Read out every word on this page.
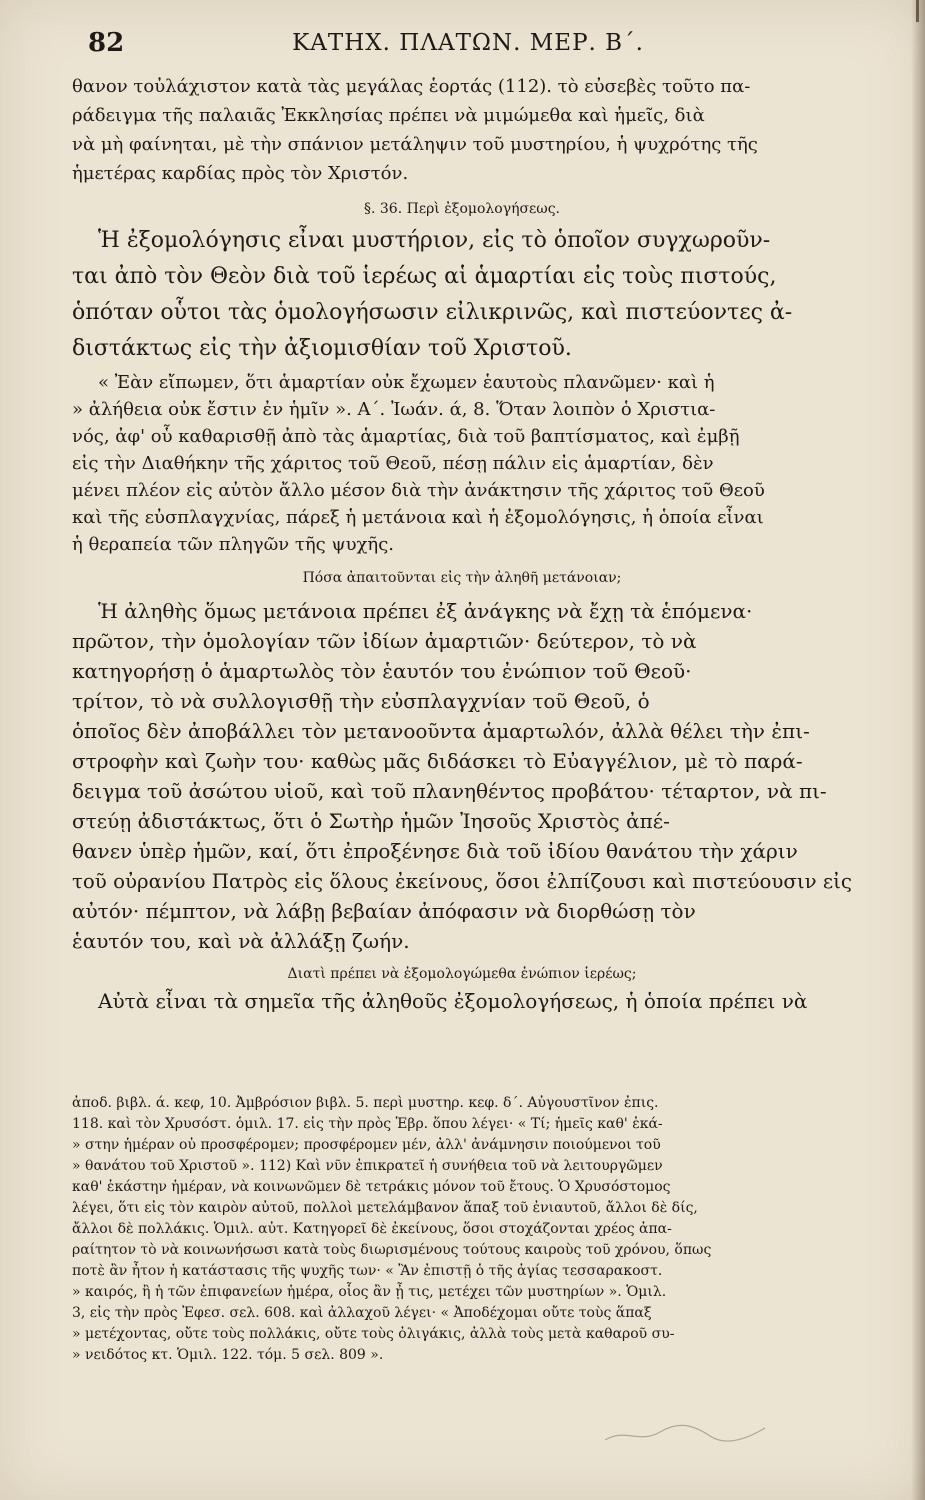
82	ΚΑΤΗΧ. ΠΛΑΤΩΝ. ΜΕΡ. Β΄.
θανον τοὐλάχιστον κατὰ τὰς μεγάλας ἑορτάς (112). τὸ εὐσεβὲς τοῦτο πα-
ράδειγμα τῆς παλαιᾶς Ἐκκλησίας πρέπει νὰ μιμώμεθα καὶ ἡμεῖς, διὰ
νὰ μὴ φαίνηται, μὲ τὴν σπάνιον μετάληψιν τοῦ μυστηρίου, ἡ ψυχρότης τῆς
ἡμετέρας καρδίας πρὸς τὸν Χριστόν.
§. 36. Περὶ ἐξομολογήσεως.
Ἡ ἐξομολόγησις εἶναι μυστήριον, εἰς τὸ ὁποῖον συγχωροῦν-
ται ἀπὸ τὸν Θεὸν διὰ τοῦ ἱερέως αἱ ἁμαρτίαι εἰς τοὺς πιστούς,
ὁπόταν οὗτοι τὰς ὁμολογήσωσιν εἰλικρινῶς, καὶ πιστεύοντες ἀ-
διστάκτως εἰς τὴν ἀξιομισθίαν τοῦ Χριστοῦ.
« Ἐὰν εἴπωμεν, ὅτι ἁμαρτίαν οὐκ ἔχωμεν ἑαυτοὺς πλανῶμεν· καὶ ἡ
» ἀλήθεια οὐκ ἔστιν ἐν ἡμῖν ». Α΄. Ἰωάν. ά, 8. Ὅταν λοιπὸν ὁ Χριστια-
νός, ἀφ' οὗ καθαρισθῇ ἀπὸ τὰς ἁμαρτίας, διὰ τοῦ βαπτίσματος, καὶ ἐμβῇ
εἰς τὴν Διαθήκην τῆς χάριτος τοῦ Θεοῦ, πέσῃ πάλιν εἰς ἁμαρτίαν, δὲν
μένει πλέον εἰς αὐτὸν ἄλλο μέσον διὰ τὴν ἀνάκτησιν τῆς χάριτος τοῦ Θεοῦ
καὶ τῆς εὐσπλαγχνίας, πάρεξ ἡ μετάνοια καὶ ἡ ἐξομολόγησις, ἡ ὁποία εἶναι
ἡ θεραπεία τῶν πληγῶν τῆς ψυχῆς.
Πόσα ἀπαιτοῦνται εἰς τὴν ἀληθῆ μετάνοιαν;
Ἡ ἀληθὴς ὅμως μετάνοια πρέπει ἐξ ἀνάγκης νὰ ἔχῃ τὰ ἑπόμενα·
πρῶτον, τὴν ὁμολογίαν τῶν ἰδίων ἁμαρτιῶν· δεύτερον, τὸ νὰ
κατηγορήσῃ ὁ ἁμαρτωλὸς τὸν ἑαυτόν του ἐνώπιον τοῦ Θεοῦ·
τρίτον, τὸ νὰ συλλογισθῇ τὴν εὐσπλαγχνίαν τοῦ Θεοῦ, ὁ
ὁποῖος δὲν ἀποβάλλει τὸν μετανοοῦντα ἁμαρτωλόν, ἀλλὰ θέλει τὴν ἐπι-
στροφὴν καὶ ζωὴν του· καθὼς μᾶς διδάσκει τὸ Εὐαγγέλιον, μὲ τὸ παρά-
δειγμα τοῦ ἀσώτου υἱοῦ, καὶ τοῦ πλανηθέντος προβάτου· τέταρτον, νὰ πι-
στεύῃ ἀδιστάκτως, ὅτι ὁ Σωτὴρ ἡμῶν Ἰησοῦς Χριστὸς ἀπέ-
θανεν ὑπὲρ ἡμῶν, καί, ὅτι ἐπροξένησε διὰ τοῦ ἰδίου θανάτου τὴν χάριν
τοῦ οὐρανίου Πατρὸς εἰς ὅλους ἐκείνους, ὅσοι ἐλπίζουσι καὶ πιστεύουσιν εἰς
αὐτόν· πέμπτον, νὰ λάβῃ βεβαίαν ἀπόφασιν νὰ διορθώσῃ τὸν
ἑαυτόν του, καὶ νὰ ἀλλάξῃ ζωήν.
Διατὶ πρέπει νὰ ἐξομολογώμεθα ἐνώπιον ἱερέως;
Αὐτὰ εἶναι τὰ σημεῖα τῆς ἀληθοῦς ἐξομολογήσεως, ἡ ὁποία πρέπει νὰ
ἀποδ. βιβλ. ά. κεφ, 10. Ἀμβρόσιον βιβλ. 5. περὶ μυστηρ. κεφ. δ΄. Αὐγουστῖνον ἐπις.
118. καὶ τὸν Χρυσόστ. ὁμιλ. 17. εἰς τὴν πρὸς Ἑβρ. ὅπου λέγει· « Τί; ἡμεῖς καθ' ἑκά-
» στην ἡμέραν οὐ προσφέρομεν; προσφέρομεν μέν, ἀλλ' ἀνάμνησιν ποιούμενοι τοῦ
» θανάτου τοῦ Χριστοῦ ». 112) Καὶ νῦν ἐπικρατεῖ ἡ συνήθεια τοῦ νὰ λειτουργῶμεν
καθ' ἑκάστην ἡμέραν, νὰ κοινωνῶμεν δὲ τετράκις μόνον τοῦ ἔτους. Ὁ Χρυσόστομος
λέγει, ὅτι εἰς τὸν καιρὸν αὐτοῦ, πολλοὶ μετελάμβανον ἅπαξ τοῦ ἐνιαυτοῦ, ἄλλοι δὲ δίς,
ἄλλοι δὲ πολλάκις. Ὁμιλ. αὐτ. Κατηγορεῖ δὲ ἐκείνους, ὅσοι στοχάζονται χρέος ἀπα-
ραίτητον τὸ νὰ κοινωνήσωσι κατὰ τοὺς διωρισμένους τούτους καιροὺς τοῦ χρόνου, ὅπως
ποτὲ ἂν ἦτον ἡ κατάστασις τῆς ψυχῆς των· « Ἂν ἐπιστῇ ὁ τῆς ἁγίας τεσσαρακοστ.
» καιρός, ἢ ἡ τῶν ἐπιφανείων ἡμέρα, οἷος ἂν ᾖ τις, μετέχει τῶν μυστηρίων ». Ὁμιλ.
3, εἰς τὴν πρὸς Ἐφεσ. σελ. 608. καὶ ἀλλαχοῦ λέγει· « Ἀποδέχομαι οὔτε τοὺς ἅπαξ
» μετέχοντας, οὔτε τοὺς πολλάκις, οὔτε τοὺς ὀλιγάκις, ἀλλὰ τοὺς μετὰ καθαροῦ συ-
» νειδότος κτ. Ὁμιλ. 122. τόμ. 5 σελ. 809 ».
